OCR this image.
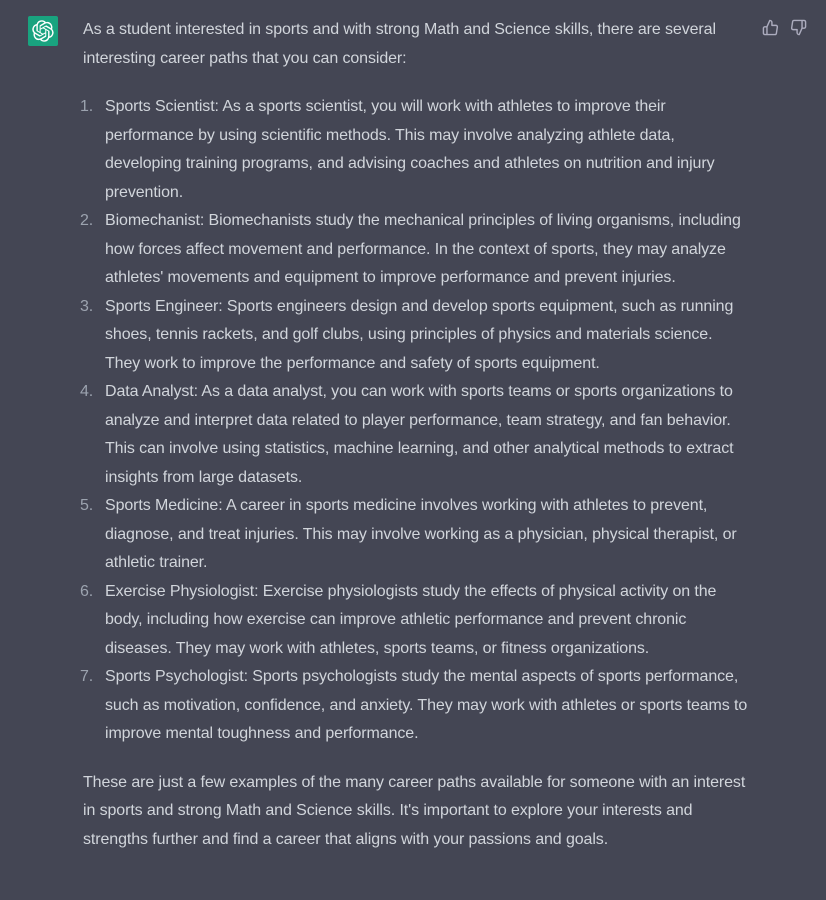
As a student interested in sports and with strong Math and Science skills, there are several interesting career paths that you can consider:

1. Sports Scientist: As a sports scientist, you will work with athletes to improve their performance by using scientific methods. This may involve analyzing athlete data, developing training programs, and advising coaches and athletes on nutrition and injury prevention.
2. Biomechanist: Biomechanists study the mechanical principles of living organisms, including how forces affect movement and performance. In the context of sports, they may analyze athletes' movements and equipment to improve performance and prevent injuries.
3. Sports Engineer: Sports engineers design and develop sports equipment, such as running shoes, tennis rackets, and golf clubs, using principles of physics and materials science. They work to improve the performance and safety of sports equipment.
4. Data Analyst: As a data analyst, you can work with sports teams or sports organizations to analyze and interpret data related to player performance, team strategy, and fan behavior. This can involve using statistics, machine learning, and other analytical methods to extract insights from large datasets.
5. Sports Medicine: A career in sports medicine involves working with athletes to prevent, diagnose, and treat injuries. This may involve working as a physician, physical therapist, or athletic trainer.
6. Exercise Physiologist: Exercise physiologists study the effects of physical activity on the body, including how exercise can improve athletic performance and prevent chronic diseases. They may work with athletes, sports teams, or fitness organizations.
7. Sports Psychologist: Sports psychologists study the mental aspects of sports performance, such as motivation, confidence, and anxiety. They may work with athletes or sports teams to improve mental toughness and performance.

These are just a few examples of the many career paths available for someone with an interest in sports and strong Math and Science skills. It's important to explore your interests and strengths further and find a career that aligns with your passions and goals.
